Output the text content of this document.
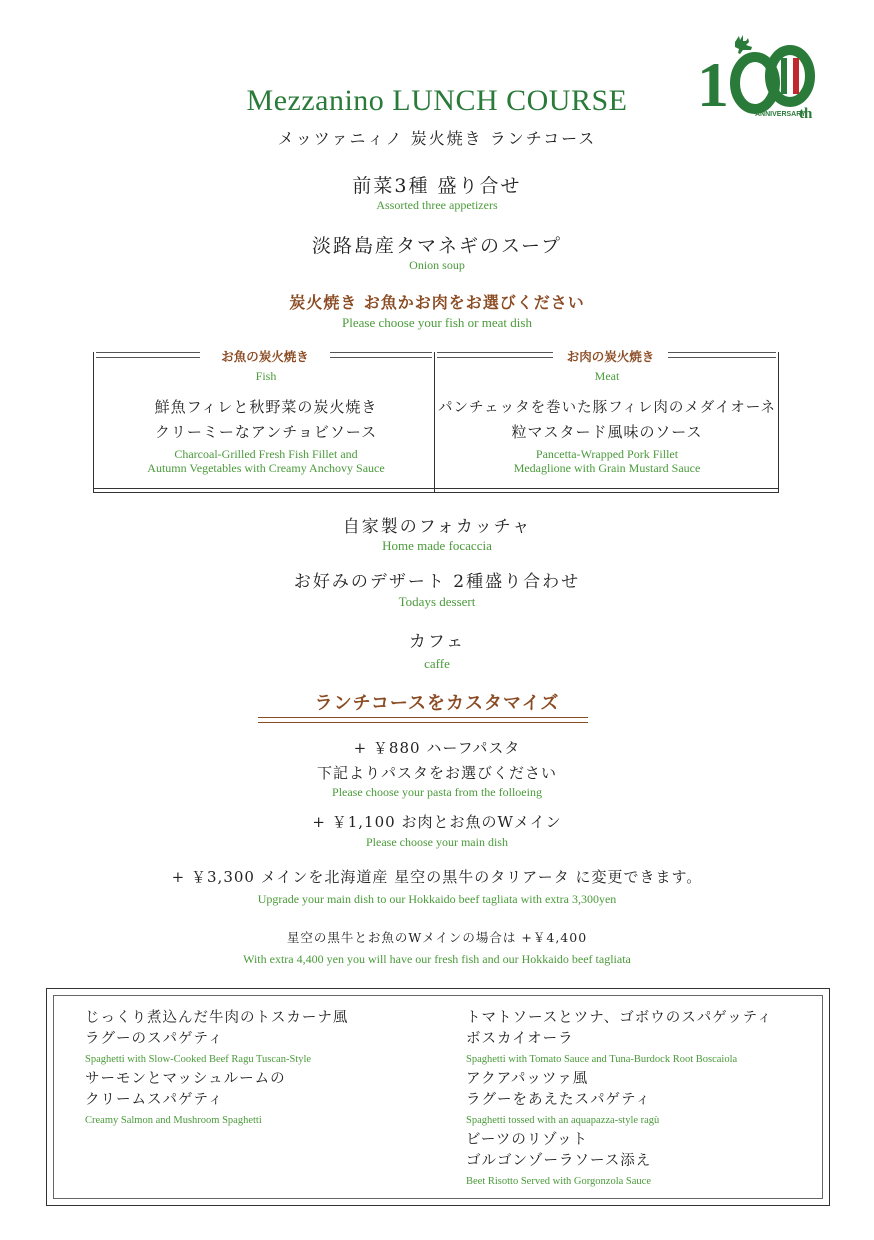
1	ANNIVERSARY
th
Mezzanino LUNCH COURSE
メッツァニィノ 炭火焼き ランチコース
前菜3種 盛り合せ
Assorted three appetizers
淡路島産タマネギのスープ
Onion soup
炭火焼き お魚かお肉をお選びください
Please choose your fish or meat dish
お魚の炭火焼き	お肉の炭火焼き
Fish
鮮魚フィレと秋野菜の炭火焼き
クリーミーなアンチョビソース
Charcoal-Grilled Fresh Fish Fillet and
Autumn Vegetables with Creamy Anchovy Sauce
Meat
パンチェッタを巻いた豚フィレ肉のメダイオーネ
粒マスタード風味のソース
Pancetta-Wrapped Pork Fillet
Medaglione with Grain Mustard Sauce
自家製のフォカッチャ
Home made focaccia
お好みのデザート 2種盛り合わせ
Todays dessert
カフェ
caffe
ランチコースをカスタマイズ
+ ￥880 ハーフパスタ
下記よりパスタをお選びください
Please choose your pasta from the folloeing
+ ￥1,100 お肉とお魚のWメイン
Please choose your main dish
+ ￥3,300 メインを北海道産 星空の黒牛のタリアータ に変更できます。
Upgrade your main dish to our Hokkaido beef tagliata with extra 3,300yen
星空の黒牛とお魚のWメインの場合は +￥4,400
With extra 4,400 yen you will have our fresh fish and our Hokkaido beef tagliata
じっくり煮込んだ牛肉のトスカーナ風
ラグーのスパゲティ
Spaghetti with Slow-Cooked Beef Ragu Tuscan-Style
サーモンとマッシュルームの
クリームスパゲティ
Creamy Salmon and Mushroom Spaghetti
トマトソースとツナ、ゴボウのスパゲッティ
ボスカイオーラ
Spaghetti with Tomato Sauce and Tuna-Burdock Root Boscaiola
アクアパッツァ風
ラグーをあえたスパゲティ
Spaghetti tossed with an aquapazza-style ragù
ビーツのリゾット
ゴルゴンゾーラソース添え
Beet Risotto Served with Gorgonzola Sauce
